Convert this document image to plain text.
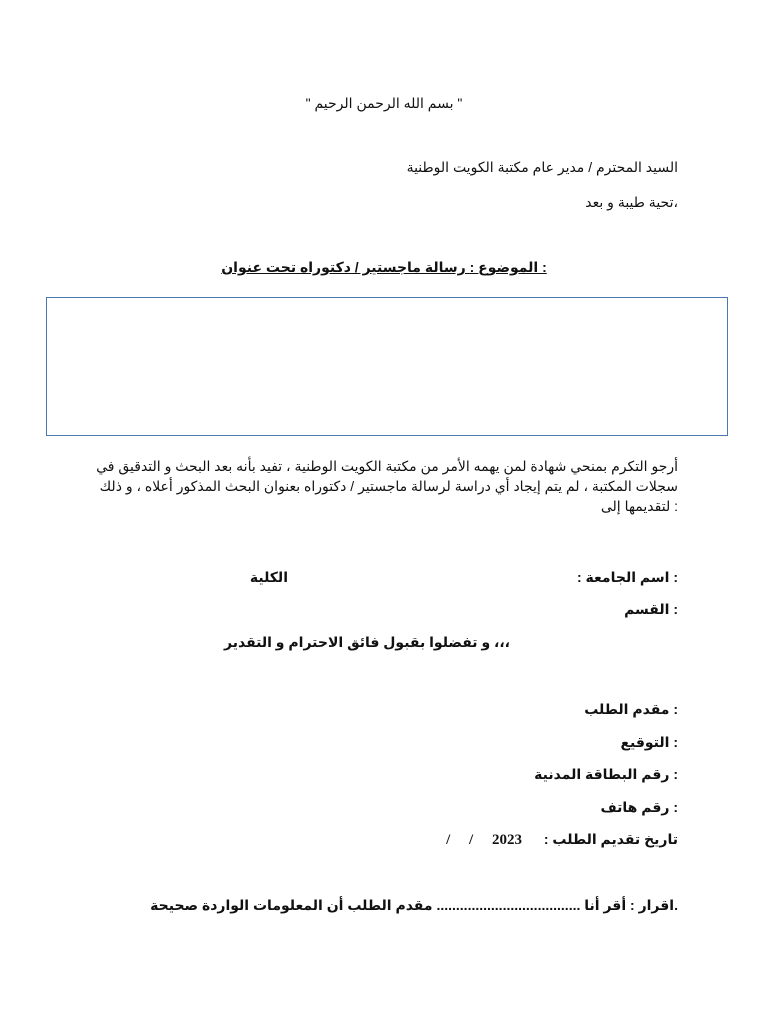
" بسم الله الرحمن الرحيم "
السيد المحترم / مدير عام مكتبة الكويت الوطنية
،تحية طيبة و بعد
: الموضوع : رسالة ماجستير / دكتوراه تحت عنوان
أرجو التكرم بمنحي شهادة لمن يهمه الأمر من مكتبة الكويت الوطنية ، تفيد بأنه بعد البحث و التدقيق في
سجلات المكتبة ، لم يتم إيجاد أي دراسة لرسالة ماجستير / دكتوراه بعنوان البحث المذكور أعلاه ، و ذلك
: لتقديمها إلى
: اسم الجامعة :
الكلية
: القسم
،،، و تفضلوا بقبول فائق الاحترام و التقدير
: مقدم الطلب
: التوقيع
: رقم البطاقة المدنية
: رقم هاتف
تاريخ تقديم الطلب : /     /     2023
.اقرار : أقر أنا ..................................... مقدم الطلب أن المعلومات الواردة صحيحة
